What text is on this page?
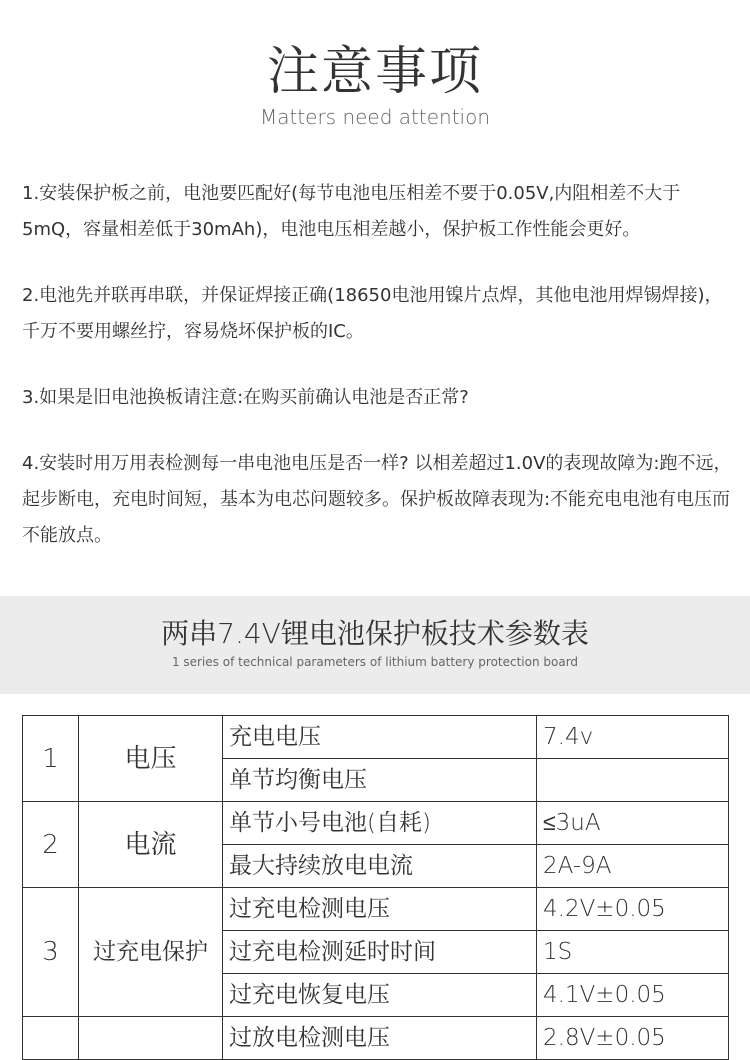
注意事项
Matters need attention

1.安装保护板之前，电池要匹配好(每节电池电压相差不要于0.05V,内阻相差不大于5mQ，容量相差低于30mAh)，电池电压相差越小，保护板工作性能会更好。

2.电池先并联再串联，并保证焊接正确(18650电池用镍片点焊，其他电池用焊锡焊接)，千万不要用螺丝拧，容易烧坏保护板的IC。

3.如果是旧电池换板请注意:在购买前确认电池是否正常?

4.安装时用万用表检测每一串电池电压是否一样? 以相差超过1.0V的表现故障为:跑不远，起步断电，充电时间短，基本为电芯问题较多。保护板故障表现为:不能充电电池有电压而不能放点。

两串7.4V锂电池保护板技术参数表
1 series of technical parameters of lithium battery protection board
1	电压	充电电压	7.4v
		单节均衡电压	
2	电流	单节小号电池(自耗)	≤3uA
		最大持续放电电流	2A-9A
3	过充电保护	过充电检测电压	4.2V±0.05
		过充电检测延时时间	1S
		过充电恢复电压	4.1V±0.05
		过放电检测电压	2.8V±0.05
